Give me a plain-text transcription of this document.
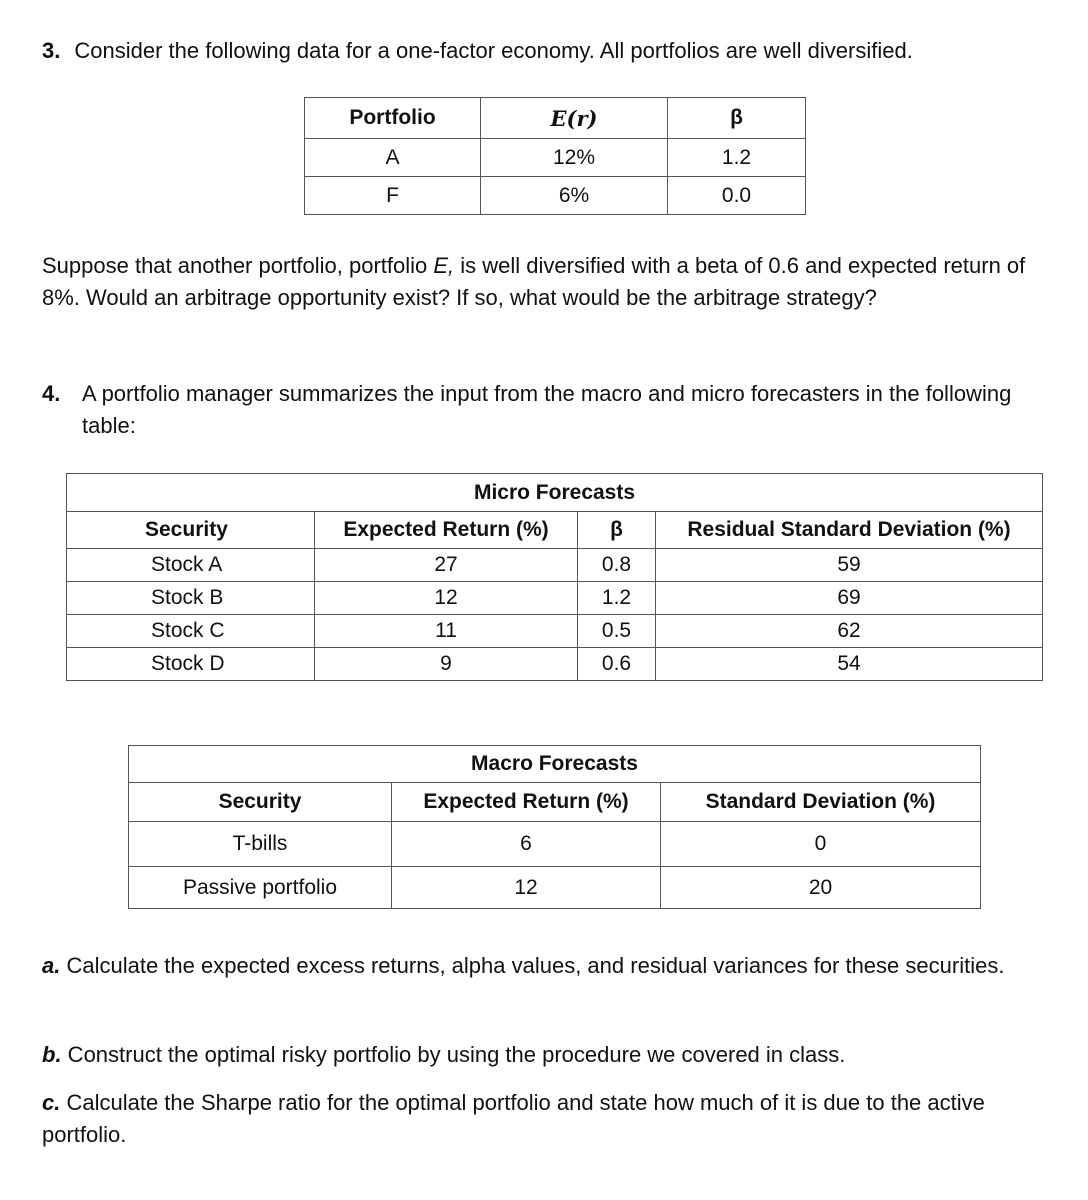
3. Consider the following data for a one-factor economy. All portfolios are well diversified.
Portfolio	E(r)	β
A	12%	1.2
F	6%	0.0
Suppose that another portfolio, portfolio E, is well diversified with a beta of 0.6 and expected return of 8%. Would an arbitrage opportunity exist? If so, what would be the arbitrage strategy?
4. A portfolio manager summarizes the input from the macro and micro forecasters in the following table:
Micro Forecasts			
Security	Expected Return (%)	β	Residual Standard Deviation (%)
Stock A	27	0.8	59
Stock B	12	1.2	69
Stock C	11	0.5	62
Stock D	9	0.6	54
Macro Forecasts		
Security	Expected Return (%)	Standard Deviation (%)
T-bills	6	0
Passive portfolio	12	20
a. Calculate the expected excess returns, alpha values, and residual variances for these securities.
b. Construct the optimal risky portfolio by using the procedure we covered in class.
c. Calculate the Sharpe ratio for the optimal portfolio and state how much of it is due to the active portfolio.
